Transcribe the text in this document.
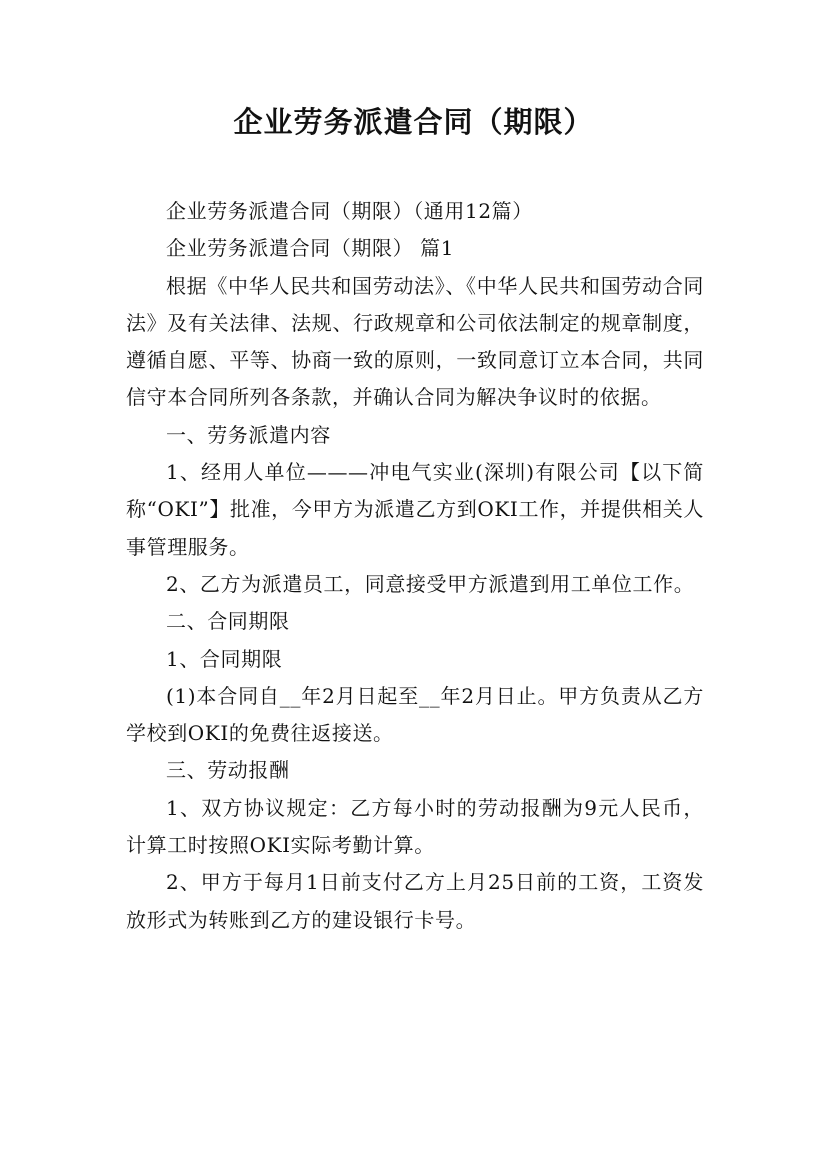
企业劳务派遣合同（期限）

企业劳务派遣合同（期限）（通用12篇）

企业劳务派遣合同（期限） 篇1

根据《中华人民共和国劳动法》、《中华人民共和国劳动合同法》及有关法律、法规、行政规章和公司依法制定的规章制度，遵循自愿、平等、协商一致的原则，一致同意订立本合同，共同信守本合同所列各条款，并确认合同为解决争议时的依据。

一、劳务派遣内容

1、经用人单位———冲电气实业(深圳)有限公司【以下简称“OKI”】批准，今甲方为派遣乙方到OKI工作，并提供相关人事管理服务。

2、乙方为派遣员工，同意接受甲方派遣到用工单位工作。

二、合同期限

1、合同期限

(1)本合同自__年2月日起至__年2月日止。甲方负责从乙方学校到OKI的免费往返接送。

三、劳动报酬

1、双方协议规定：乙方每小时的劳动报酬为9元人民币，计算工时按照OKI实际考勤计算。

2、甲方于每月1日前支付乙方上月25日前的工资，工资发放形式为转账到乙方的建设银行卡号。
